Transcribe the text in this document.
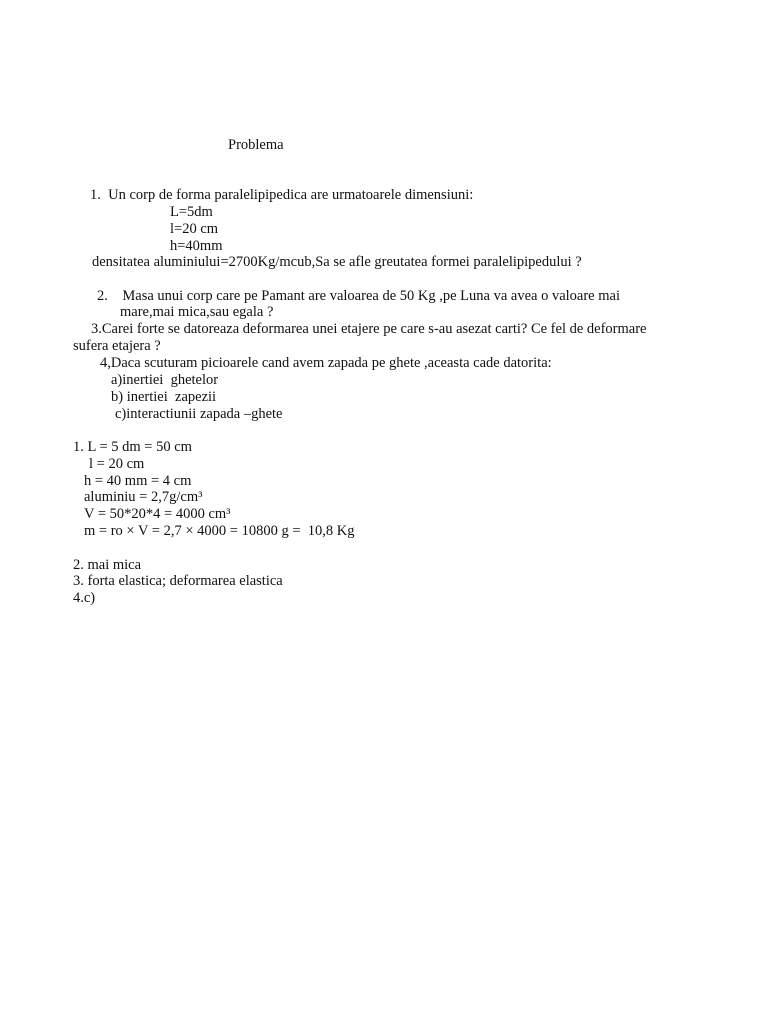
Problema
1.  Un corp de forma paralelipipedica are urmatoarele dimensiuni:
L=5dm
l=20 cm
h=40mm
densitatea aluminiului=2700Kg/mcub,Sa se afle greutatea formei paralelipipedului ?
2.    Masa unui corp care pe Pamant are valoarea de 50 Kg ,pe Luna va avea o valoare mai
mare,mai mica,sau egala ?
3.Carei forte se datoreaza deformarea unei etajere pe care s-au asezat carti? Ce fel de deformare
sufera etajera ?
4,Daca scuturam picioarele cand avem zapada pe ghete ,aceasta cade datorita:
a)inertiei  ghetelor
b) inertiei  zapezii
c)interactiunii zapada –ghete
1. L = 5 dm = 50 cm
l = 20 cm
h = 40 mm = 4 cm
aluminiu = 2,7g/cm³
V = 50*20*4 = 4000 cm³
m = ro × V = 2,7 × 4000 = 10800 g =  10,8 Kg
2. mai mica
3. forta elastica; deformarea elastica
4.c)
